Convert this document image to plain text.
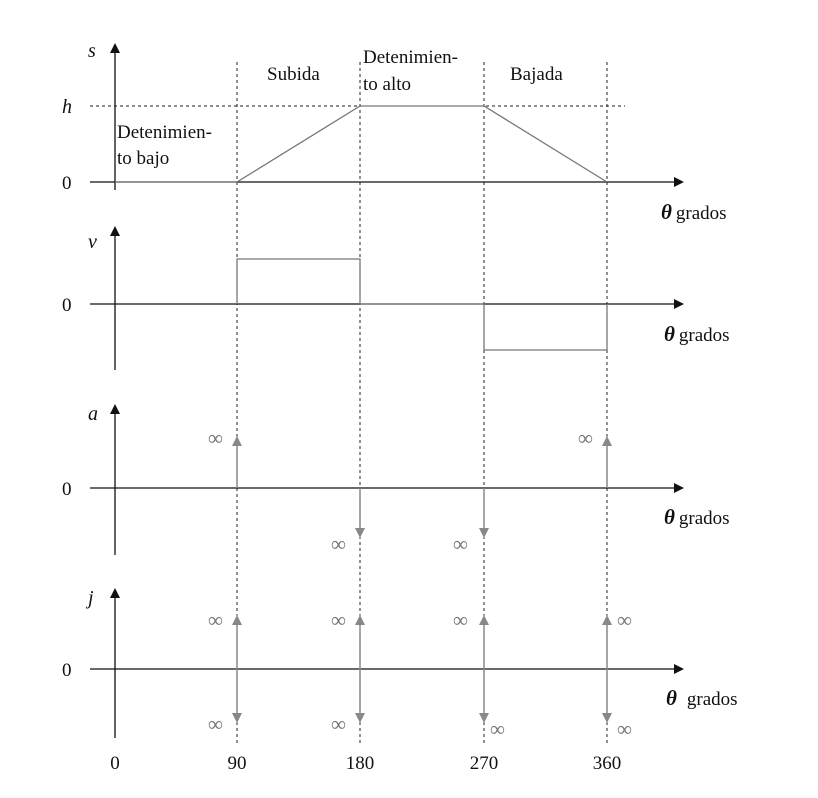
s
h
0
Subida
Detenimien-
to alto	Bajada
Detenimien-
to bajo
θ grados
v
0
θ grados
a
0
∞
∞	∞
∞
θ grados
j
0
∞
∞
∞
∞
∞
∞
∞
∞
θ grados
0	90	180	270	360
